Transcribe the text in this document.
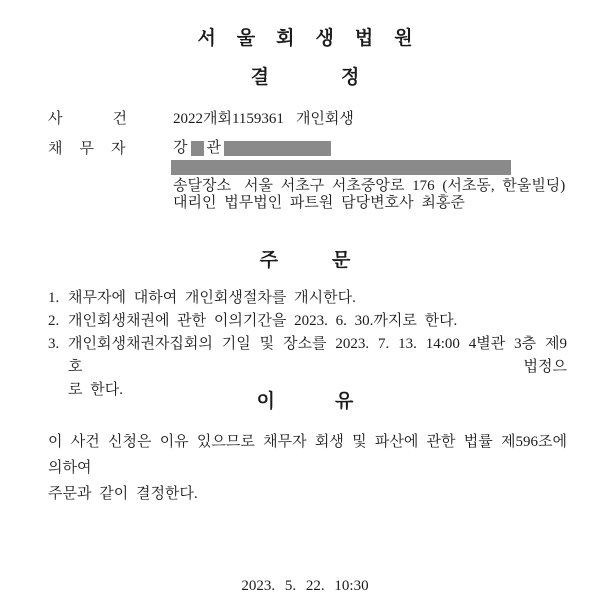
서울회생법원
결정
사건
2022개회1159361 개인회생
채무자 강 관
송달장소 서울 서초구 서초중앙로 176 (서초동, 한울빌딩)
대리인 법무법인 파트원 담당변호사 최홍준
주문
1. 채무자에 대하여 개인회생절차를 개시한다.
2. 개인회생채권에 관한 이의기간을 2023. 6. 30.까지로 한다.
3. 개인회생채권자집회의 기일 및 장소를 2023. 7. 13. 14:00 4별관 3층 제9호 법정으
로 한다.
이유
이 사건 신청은 이유 있으므로 채무자 회생 및 파산에 관한 법률 제596조에 의하여
주문과 같이 결정한다.
2023. 5. 22. 10:30
